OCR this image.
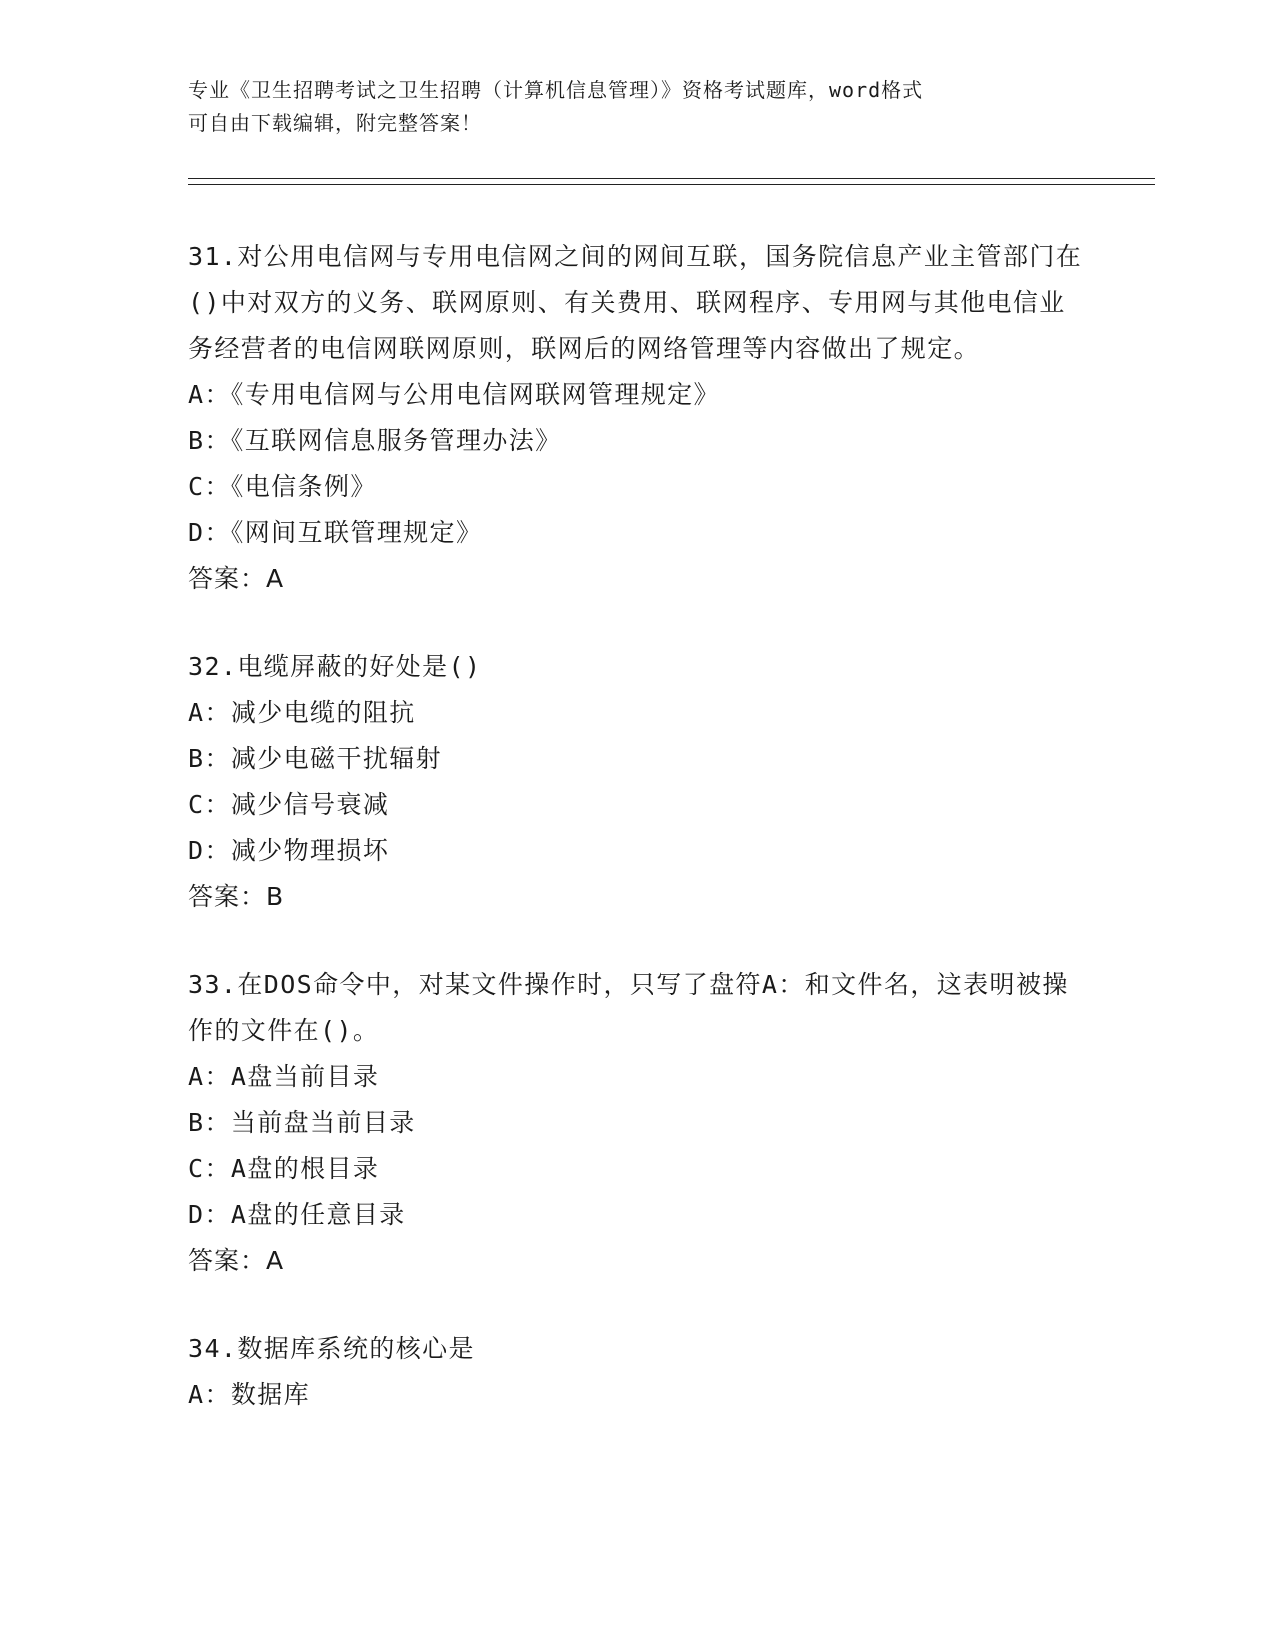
专业《卫生招聘考试之卫生招聘（计算机信息管理）》资格考试题库，word格式
可自由下载编辑，附完整答案！
31.对公用电信网与专用电信网之间的网间互联，国务院信息产业主管部门在()中对双方的义务、联网原则、有关费用、联网程序、专用网与其他电信业务经营者的电信网联网原则，联网后的网络管理等内容做出了规定。
A：《专用电信网与公用电信网联网管理规定》
B：《互联网信息服务管理办法》
C：《电信条例》
D：《网间互联管理规定》
答案：A
32.电缆屏蔽的好处是()
A：减少电缆的阻抗
B：减少电磁干扰辐射
C：减少信号衰减
D：减少物理损坏
答案：B
33.在DOS命令中，对某文件操作时，只写了盘符A：和文件名，这表明被操作的文件在()。
A：A盘当前目录
B：当前盘当前目录
C：A盘的根目录
D：A盘的任意目录
答案：A
34.数据库系统的核心是
A：数据库
